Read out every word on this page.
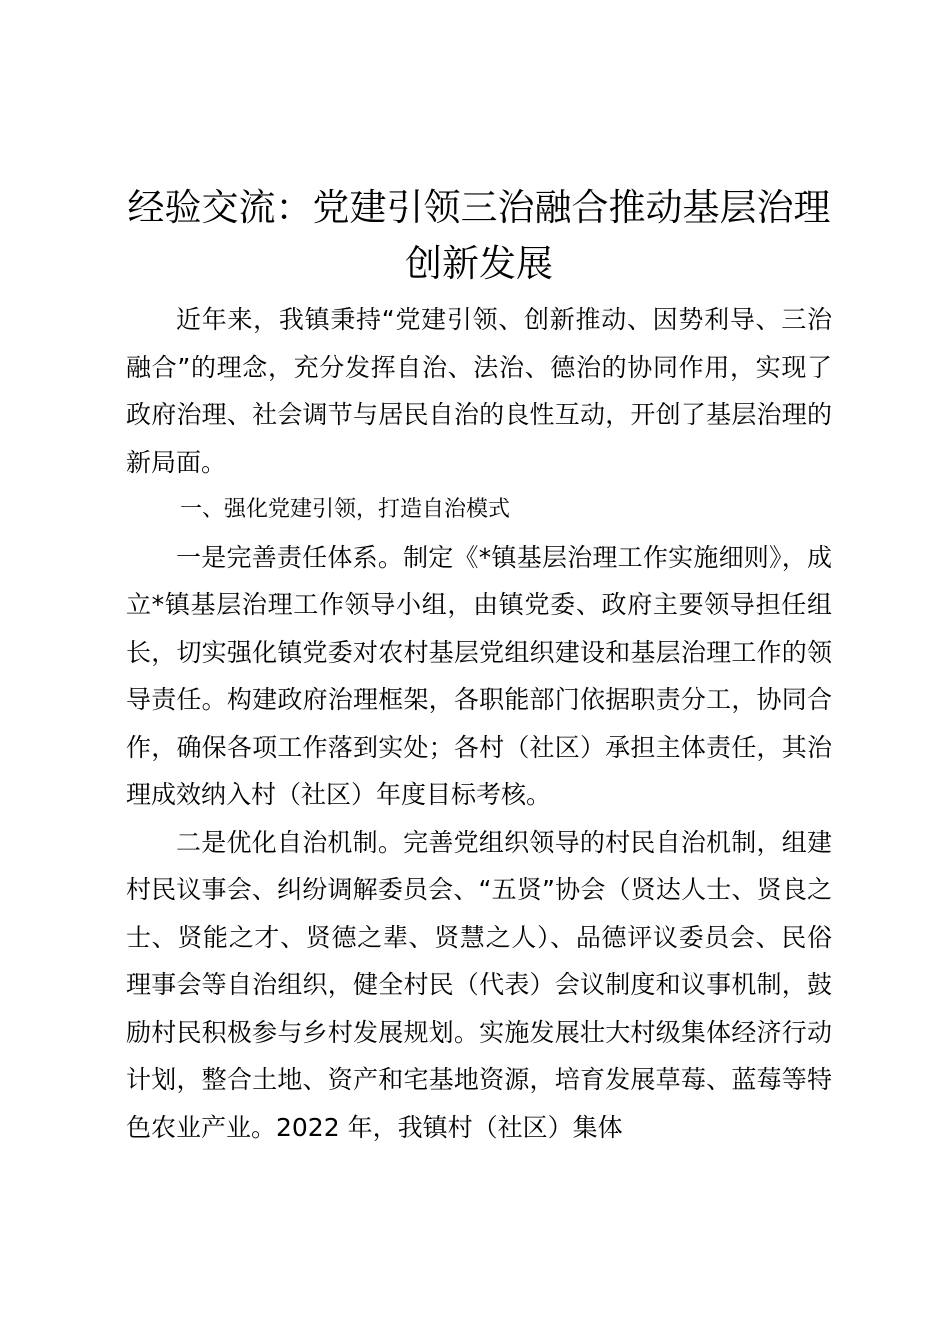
经验交流：党建引领三治融合推动基层治理创新发展

近年来，我镇秉持“党建引领、创新推动、因势利导、三治融合”的理念，充分发挥自治、法治、德治的协同作用，实现了政府治理、社会调节与居民自治的良性互动，开创了基层治理的新局面。

一、强化党建引领，打造自治模式

一是完善责任体系。制定《*镇基层治理工作实施细则》，成立*镇基层治理工作领导小组，由镇党委、政府主要领导担任组长，切实强化镇党委对农村基层党组织建设和基层治理工作的领导责任。构建政府治理框架，各职能部门依据职责分工，协同合作，确保各项工作落到实处；各村（社区）承担主体责任，其治理成效纳入村（社区）年度目标考核。

二是优化自治机制。完善党组织领导的村民自治机制，组建村民议事会、纠纷调解委员会、“五贤”协会（贤达人士、贤良之士、贤能之才、贤德之辈、贤慧之人）、品德评议委员会、民俗理事会等自治组织，健全村民（代表）会议制度和议事机制，鼓励村民积极参与乡村发展规划。实施发展壮大村级集体经济行动计划，整合土地、资产和宅基地资源，培育发展草莓、蓝莓等特色农业产业。2022 年，我镇村（社区）集体
